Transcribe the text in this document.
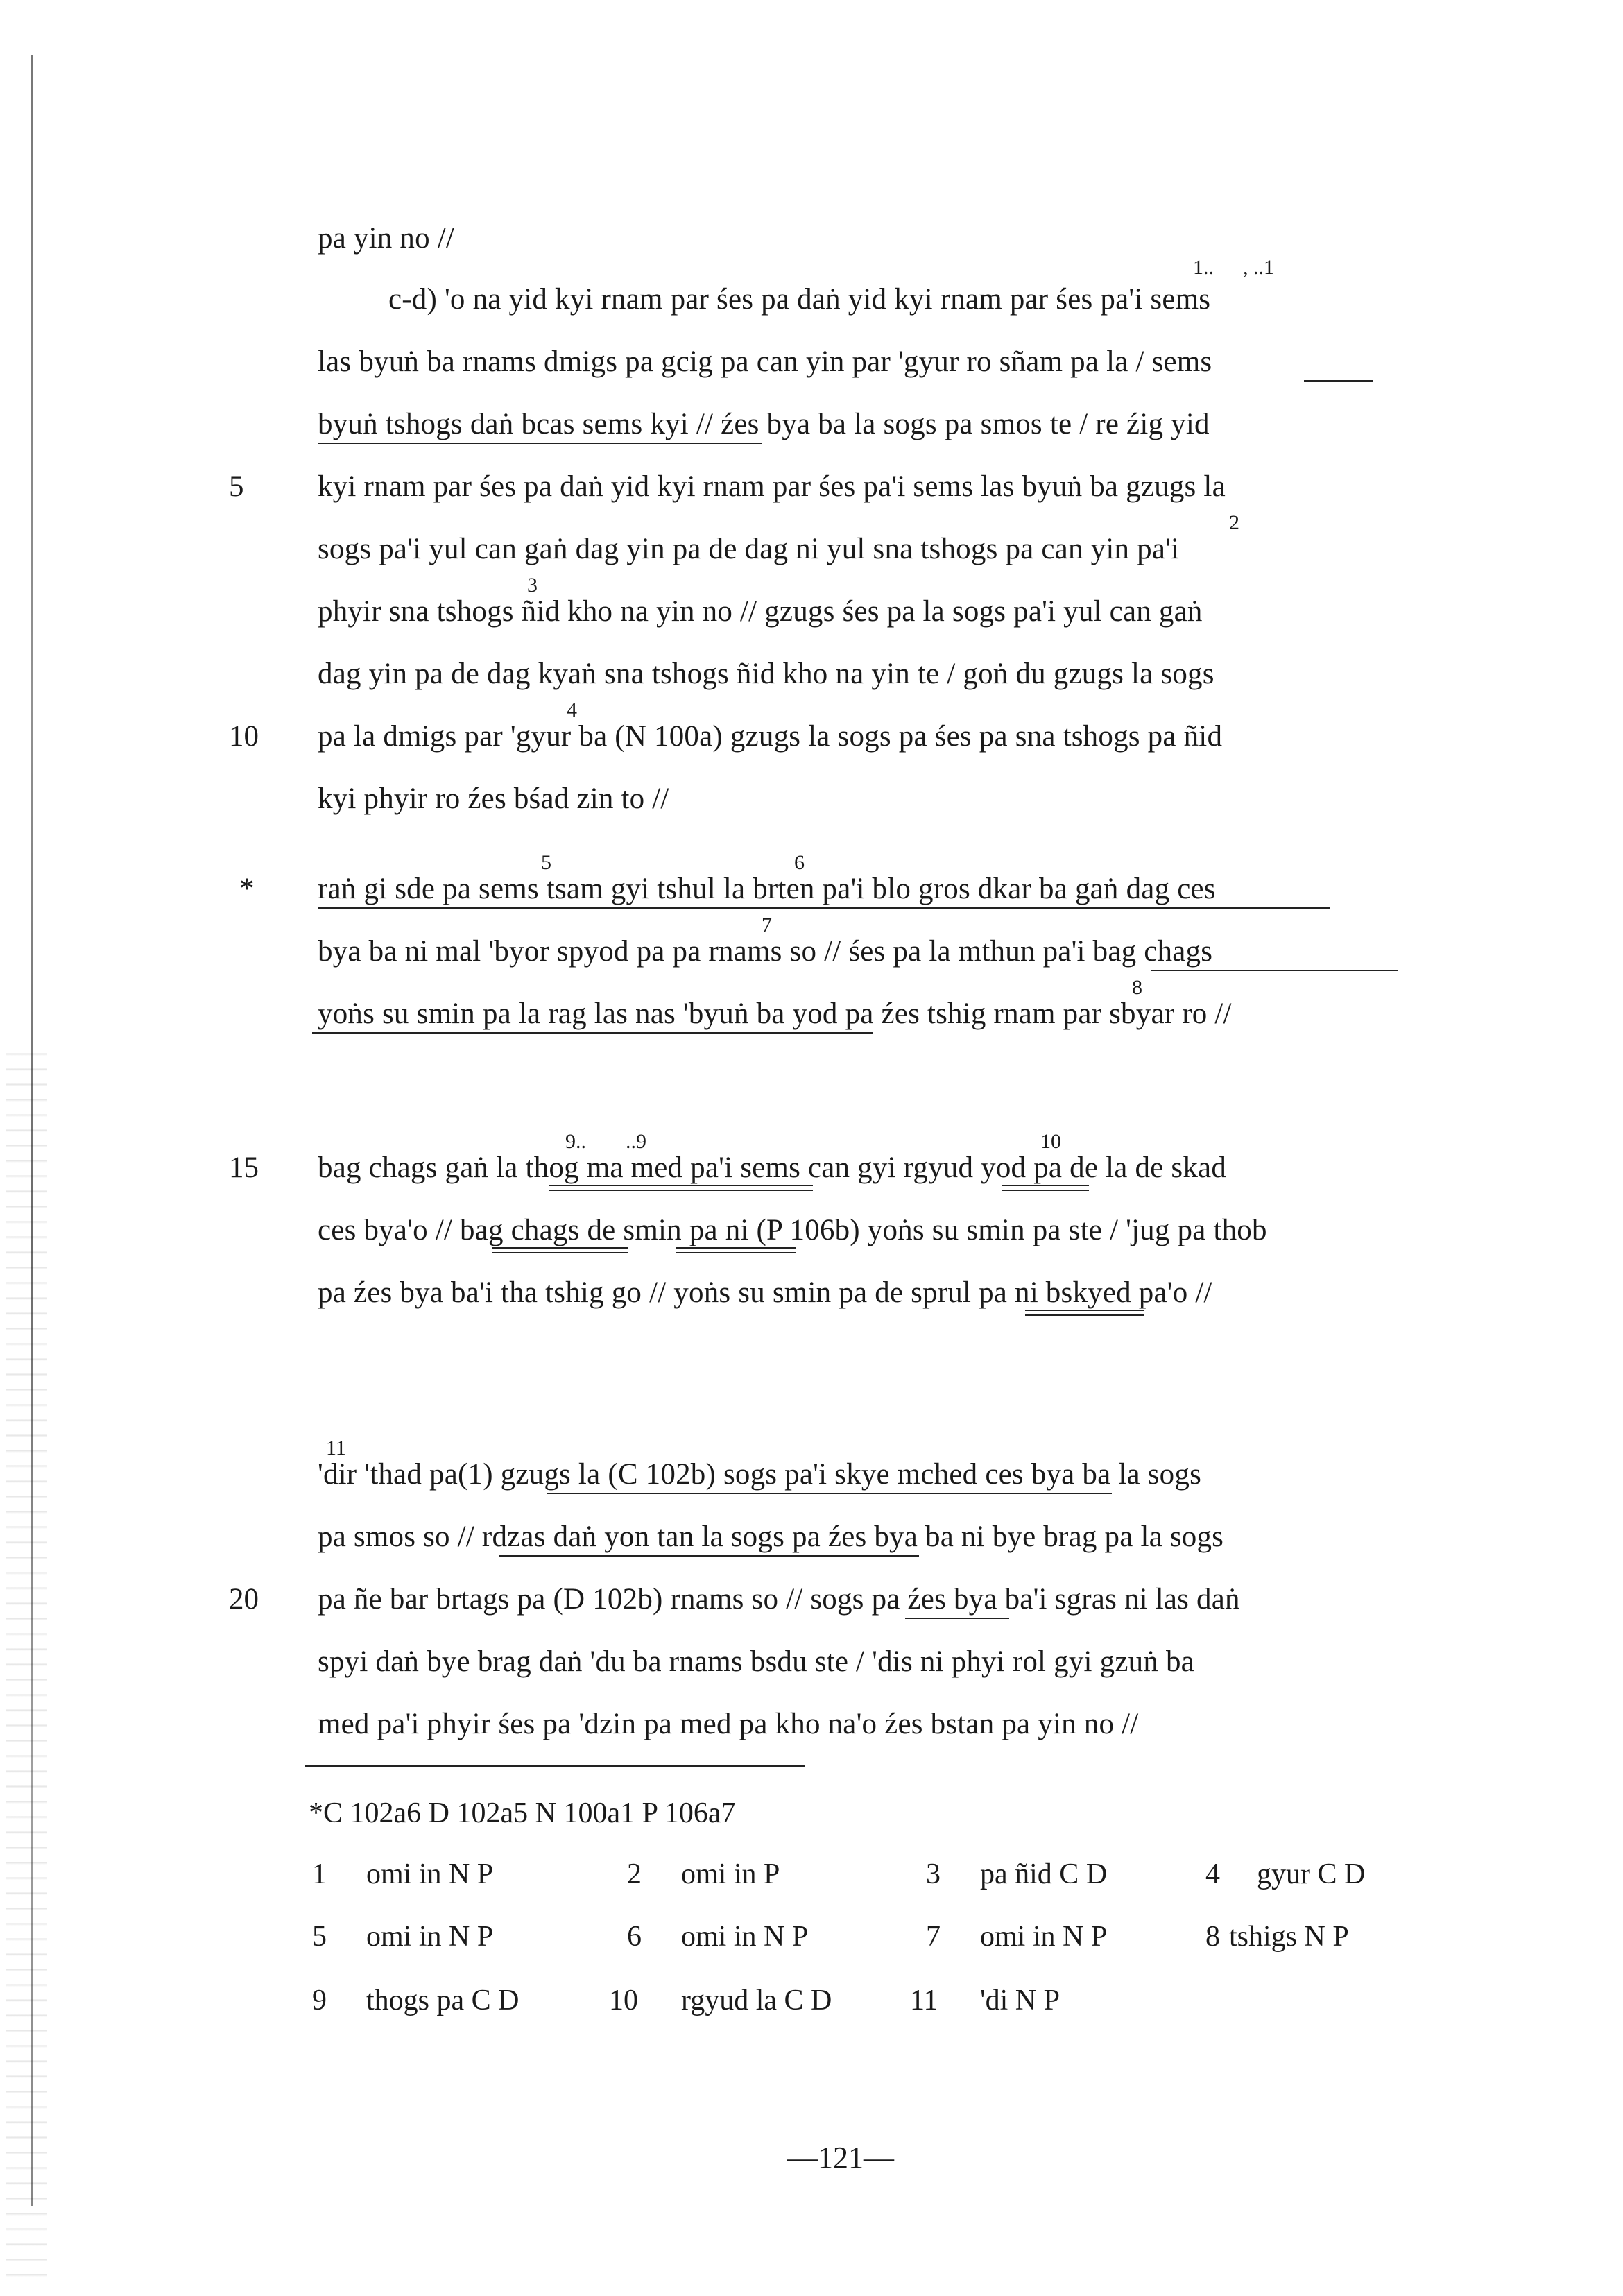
pa yin no //
c-d) 'o na yid kyi rnam par śes pa daṅ yid kyi rnam par śes pa'i sems
las byuṅ ba rnams dmigs pa gcig pa can yin par 'gyur ro sñam pa la / sems
byuṅ tshogs daṅ bcas sems kyi // źes bya ba la sogs pa smos te / re źig yid
kyi rnam par śes pa daṅ yid kyi rnam par śes pa'i sems las byuṅ ba gzugs la
sogs pa'i yul can gaṅ dag yin pa de dag ni yul sna tshogs pa can yin pa'i
phyir sna tshogs ñid kho na yin no // gzugs śes pa la sogs pa'i yul can gaṅ
dag yin pa de dag kyaṅ sna tshogs ñid kho na yin te / goṅ du gzugs la sogs
pa la dmigs par 'gyur ba (N 100a) gzugs la sogs pa śes pa sna tshogs pa ñid
kyi phyir ro źes bśad zin to //
raṅ gi sde pa sems tsam gyi tshul la brten pa'i blo gros dkar ba gaṅ dag ces
bya ba ni mal 'byor spyod pa pa rnams so // śes pa la mthun pa'i bag chags
yoṅs su smin pa la rag las nas 'byuṅ ba yod pa źes tshig rnam par sbyar ro //
bag chags gaṅ la thog ma med pa'i sems can gyi rgyud yod pa de la de skad
ces bya'o // bag chags de smin pa ni (P 106b) yoṅs su smin pa ste / 'jug pa thob
pa źes bya ba'i tha tshig go // yoṅs su smin pa de sprul pa ni bskyed pa'o //
'dir 'thad pa(1) gzugs la (C 102b) sogs pa'i skye mched ces bya ba la sogs
pa smos so // rdzas daṅ yon tan la sogs pa źes bya ba ni bye brag pa la sogs
pa ñe bar brtags pa (D 102b) rnams so // sogs pa źes bya ba'i sgras ni las daṅ
spyi daṅ bye brag daṅ 'du ba rnams bsdu ste / 'dis ni phyi rol gyi gzuṅ ba
med pa'i phyir śes pa 'dzin pa med pa kho na'o źes bstan pa yin no //
5
10
*
15
20
1.. , ..1
2
3
4
5	6
7
8
9.. ..9	10
11
*C 102a6 D 102a5 N 100a1 P 106a7
1 omi in N P	2 omi in P	3 pa ñid C D	4 gyur C D
5 omi in N P	6 omi in N P	7 omi in N P	8 tshigs N P
9 thogs pa C D	10 rgyud la C D	11 'di N P
—121—
